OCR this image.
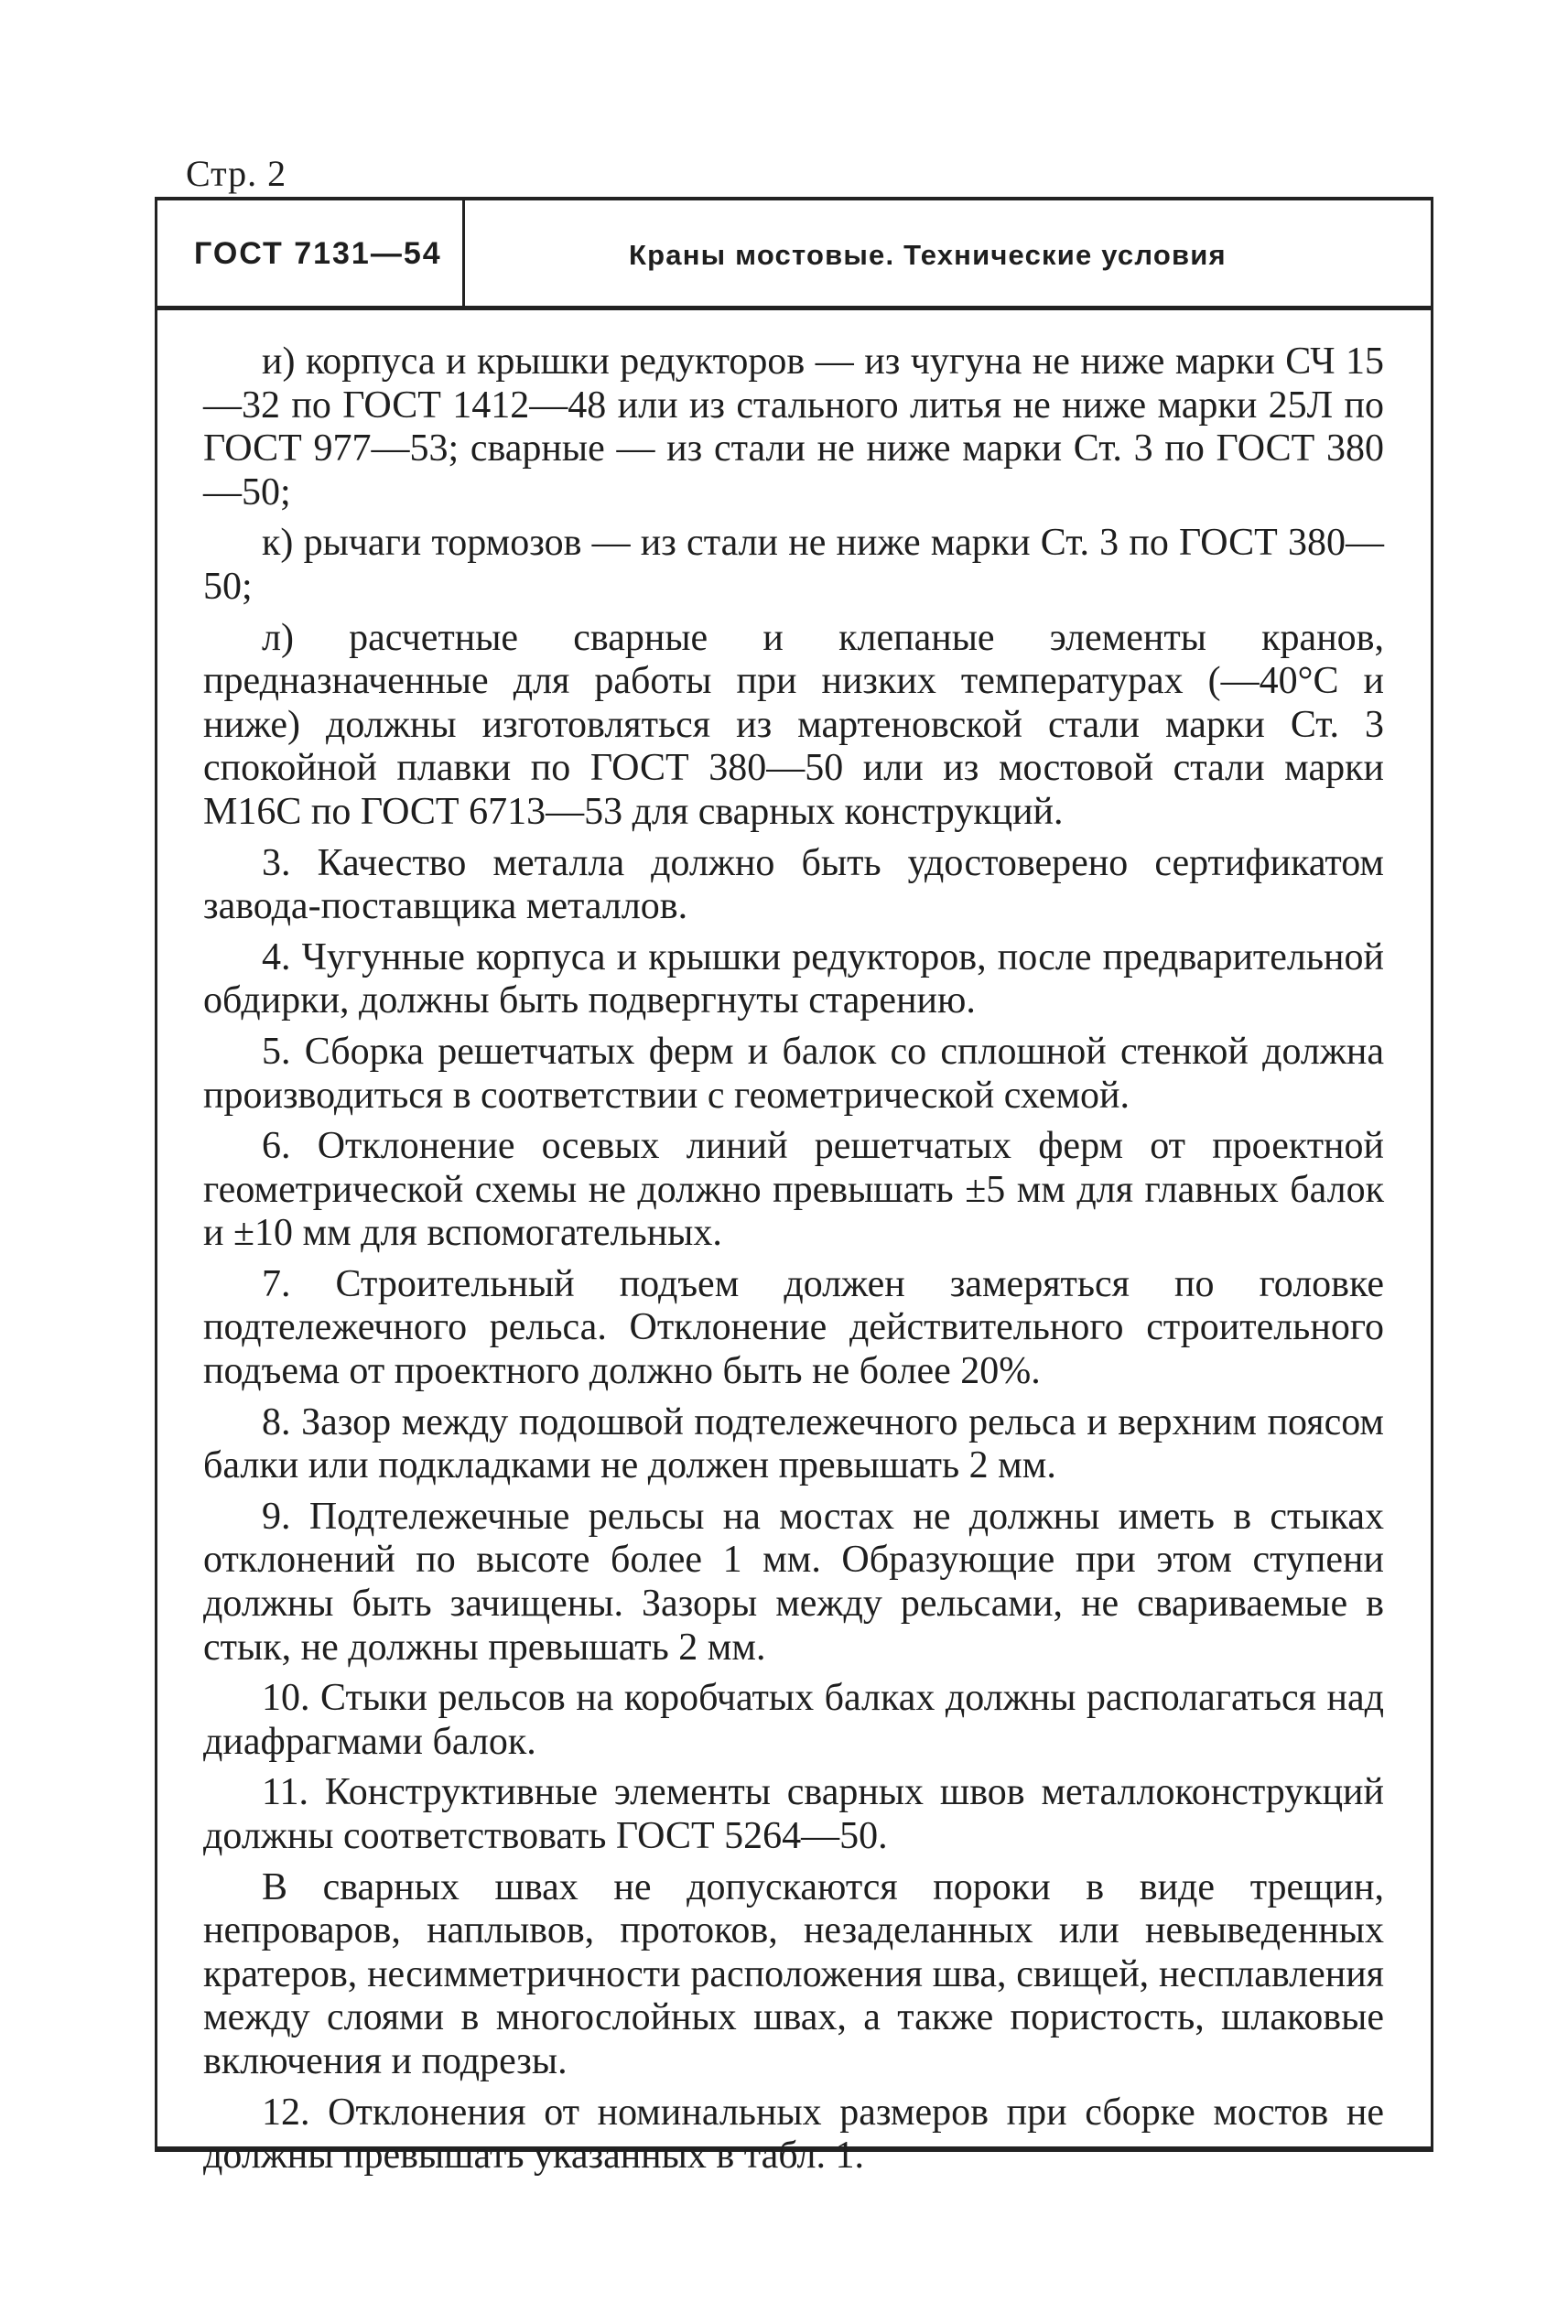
Стр. 2
ГОСТ 7131—54	Краны мостовые. Технические условия

и) корпуса и крышки редукторов — из чугуна не ниже марки СЧ 15—32 по ГОСТ 1412—48 или из стального литья не ниже марки 25Л по ГОСТ 977—53; сварные — из стали не ниже марки Ст. 3 по ГОСТ 380—50;

к) рычаги тормозов — из стали не ниже марки Ст. 3 по ГОСТ 380—50;

л) расчетные сварные и клепаные элементы кранов, предназначенные для работы при низких температурах (—40°С и ниже) должны изготовляться из мартеновской стали марки Ст. 3 спокойной плавки по ГОСТ 380—50 или из мостовой стали марки М16С по ГОСТ 6713—53 для сварных конструкций.

3. Качество металла должно быть удостоверено сертификатом завода-поставщика металлов.

4. Чугунные корпуса и крышки редукторов, после предварительной обдирки, должны быть подвергнуты старению.

5. Сборка решетчатых ферм и балок со сплошной стенкой должна производиться в соответствии с геометрической схемой.

6. Отклонение осевых линий решетчатых ферм от проектной геометрической схемы не должно превышать ±5 мм для главных балок и ±10 мм для вспомогательных.

7. Строительный подъем должен замеряться по головке подтележечного рельса. Отклонение действительного строительного подъема от проектного должно быть не более 20%.

8. Зазор между подошвой подтележечного рельса и верхним поясом балки или подкладками не должен превышать 2 мм.

9. Подтележечные рельсы на мостах не должны иметь в стыках отклонений по высоте более 1 мм. Образующие при этом ступени должны быть зачищены. Зазоры между рельсами, не свариваемые в стык, не должны превышать 2 мм.

10. Стыки рельсов на коробчатых балках должны располагаться над диафрагмами балок.

11. Конструктивные элементы сварных швов металлоконструкций должны соответствовать ГОСТ 5264—50.

В сварных швах не допускаются пороки в виде трещин, непроваров, наплывов, протоков, незаделанных или невыведенных кратеров, несимметричности расположения шва, свищей, несплавления между слоями в многослойных швах, а также пористость, шлаковые включения и подрезы.

12. Отклонения от номинальных размеров при сборке мостов не должны превышать указанных в табл. 1.
